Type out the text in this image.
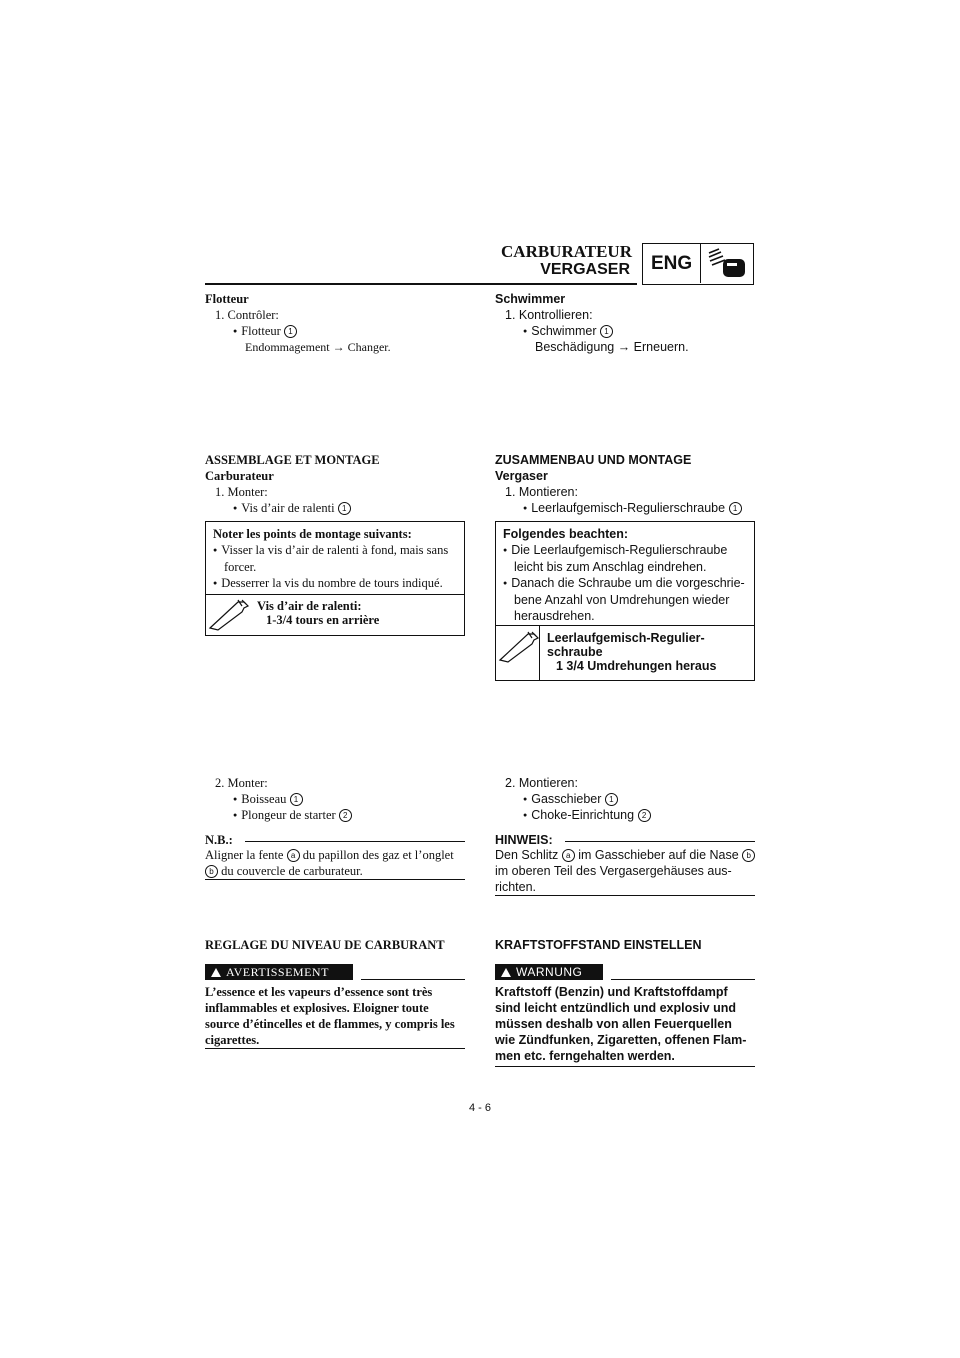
CARBURATEUR
VERGASER ENG
Flotteur
1. Contrôler:
● Flotteur 1
Endommagement → Changer.
ASSEMBLAGE ET MONTAGE
Carburateur
1. Monter:
● Vis d’air de ralenti 1
Noter les points de montage suivants:
● Visser la vis d’air de ralenti à fond, mais sans
forcer.
● Desserrer la vis du nombre de tours indiqué.
Vis d’air de ralenti:
1-3/4 tours en arrière
2. Monter:
● Boisseau 1
● Plongeur de starter 2
N.B.:
Aligner la fente a du papillon des gaz et l’onglet
b du couvercle de carburateur.
REGLAGE DU NIVEAU DE CARBURANT
AVERTISSEMENT
L’essence et les vapeurs d’essence sont très
inflammables et explosives. Eloigner toute
source d’étincelles et de flammes, y compris les
cigarettes.
Schwimmer
1. Kontrollieren:
● Schwimmer 1
Beschädigung → Erneuern.
ZUSAMMENBAU UND MONTAGE
Vergaser
1. Montieren:
● Leerlaufgemisch-Regulierschraube 1
Folgendes beachten:
● Die Leerlaufgemisch-Regulierschraube
leicht bis zum Anschlag eindrehen.
● Danach die Schraube um die vorgeschrie-
bene Anzahl von Umdrehungen wieder
herausdrehen.
Leerlaufgemisch-Regulier-
schraube
1 3/4 Umdrehungen heraus
2. Montieren:
● Gasschieber 1
● Choke-Einrichtung 2
HINWEIS:
Den Schlitz a im Gasschieber auf die Nase b
im oberen Teil des Vergasergehäuses aus-
richten.
KRAFTSTOFFSTAND EINSTELLEN
WARNUNG
Kraftstoff (Benzin) und Kraftstoffdampf
sind leicht entzündlich und explosiv und
müssen deshalb von allen Feuerquellen
wie Zündfunken, Zigaretten, offenen Flam-
men etc. ferngehalten werden.
4 - 6
